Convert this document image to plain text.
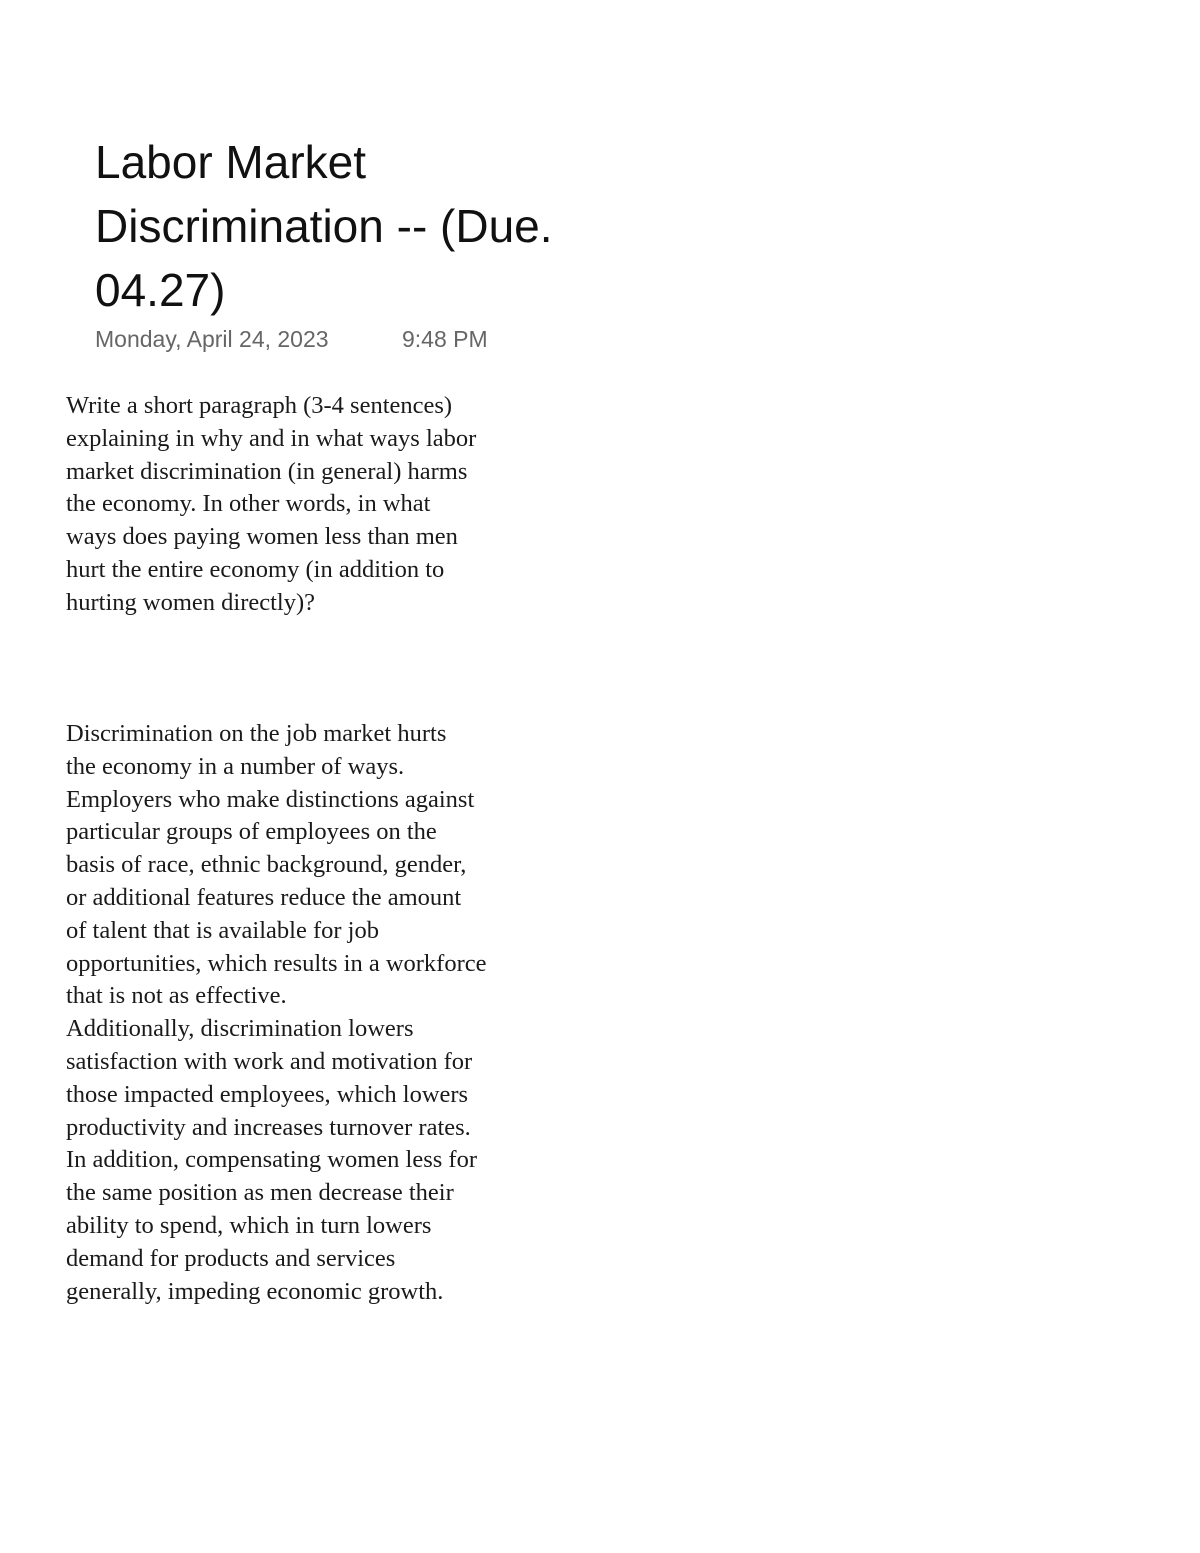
Labor Market
Discrimination -- (Due.
04.27)
Monday, April 24, 2023	9:48 PM
Write a short paragraph (3-4 sentences)
explaining in why and in what ways labor
market discrimination (in general) harms
the economy. In other words, in what
ways does paying women less than men
hurt the entire economy (in addition to
hurting women directly)?
Discrimination on the job market hurts
the economy in a number of ways.
Employers who make distinctions against
particular groups of employees on the
basis of race, ethnic background, gender,
or additional features reduce the amount
of talent that is available for job
opportunities, which results in a workforce
that is not as effective.
Additionally, discrimination lowers
satisfaction with work and motivation for
those impacted employees, which lowers
productivity and increases turnover rates.
In addition, compensating women less for
the same position as men decrease their
ability to spend, which in turn lowers
demand for products and services
generally, impeding economic growth.
